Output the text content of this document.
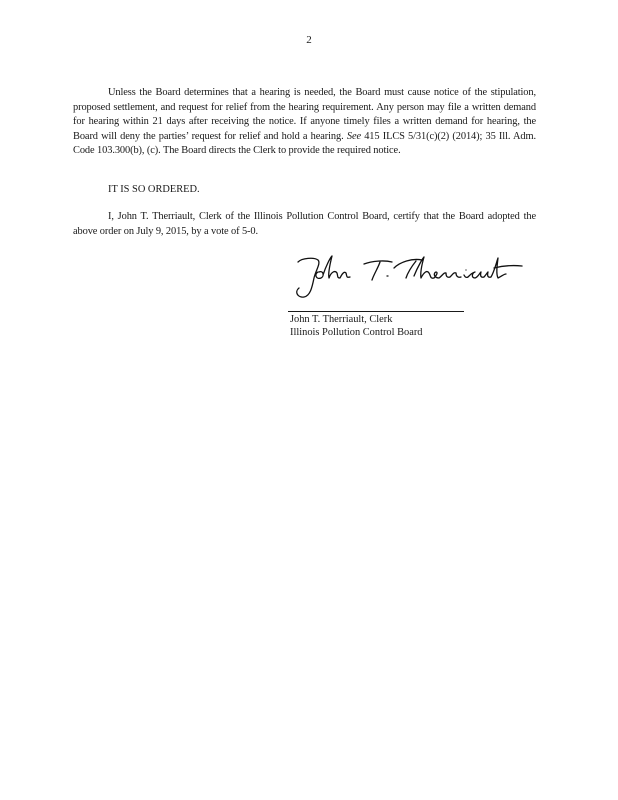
2

Unless the Board determines that a hearing is needed, the Board must cause notice of the stipulation, proposed settlement, and request for relief from the hearing requirement. Any person may file a written demand for hearing within 21 days after receiving the notice. If anyone timely files a written demand for hearing, the Board will deny the parties’ request for relief and hold a hearing. See 415 ILCS 5/31(c)(2) (2014); 35 Ill. Adm. Code 103.300(b), (c). The Board directs the Clerk to provide the required notice.

IT IS SO ORDERED.

I, John T. Therriault, Clerk of the Illinois Pollution Control Board, certify that the Board adopted the above order on July 9, 2015, by a vote of 5-0.

John T. Therriault, Clerk
Illinois Pollution Control Board
